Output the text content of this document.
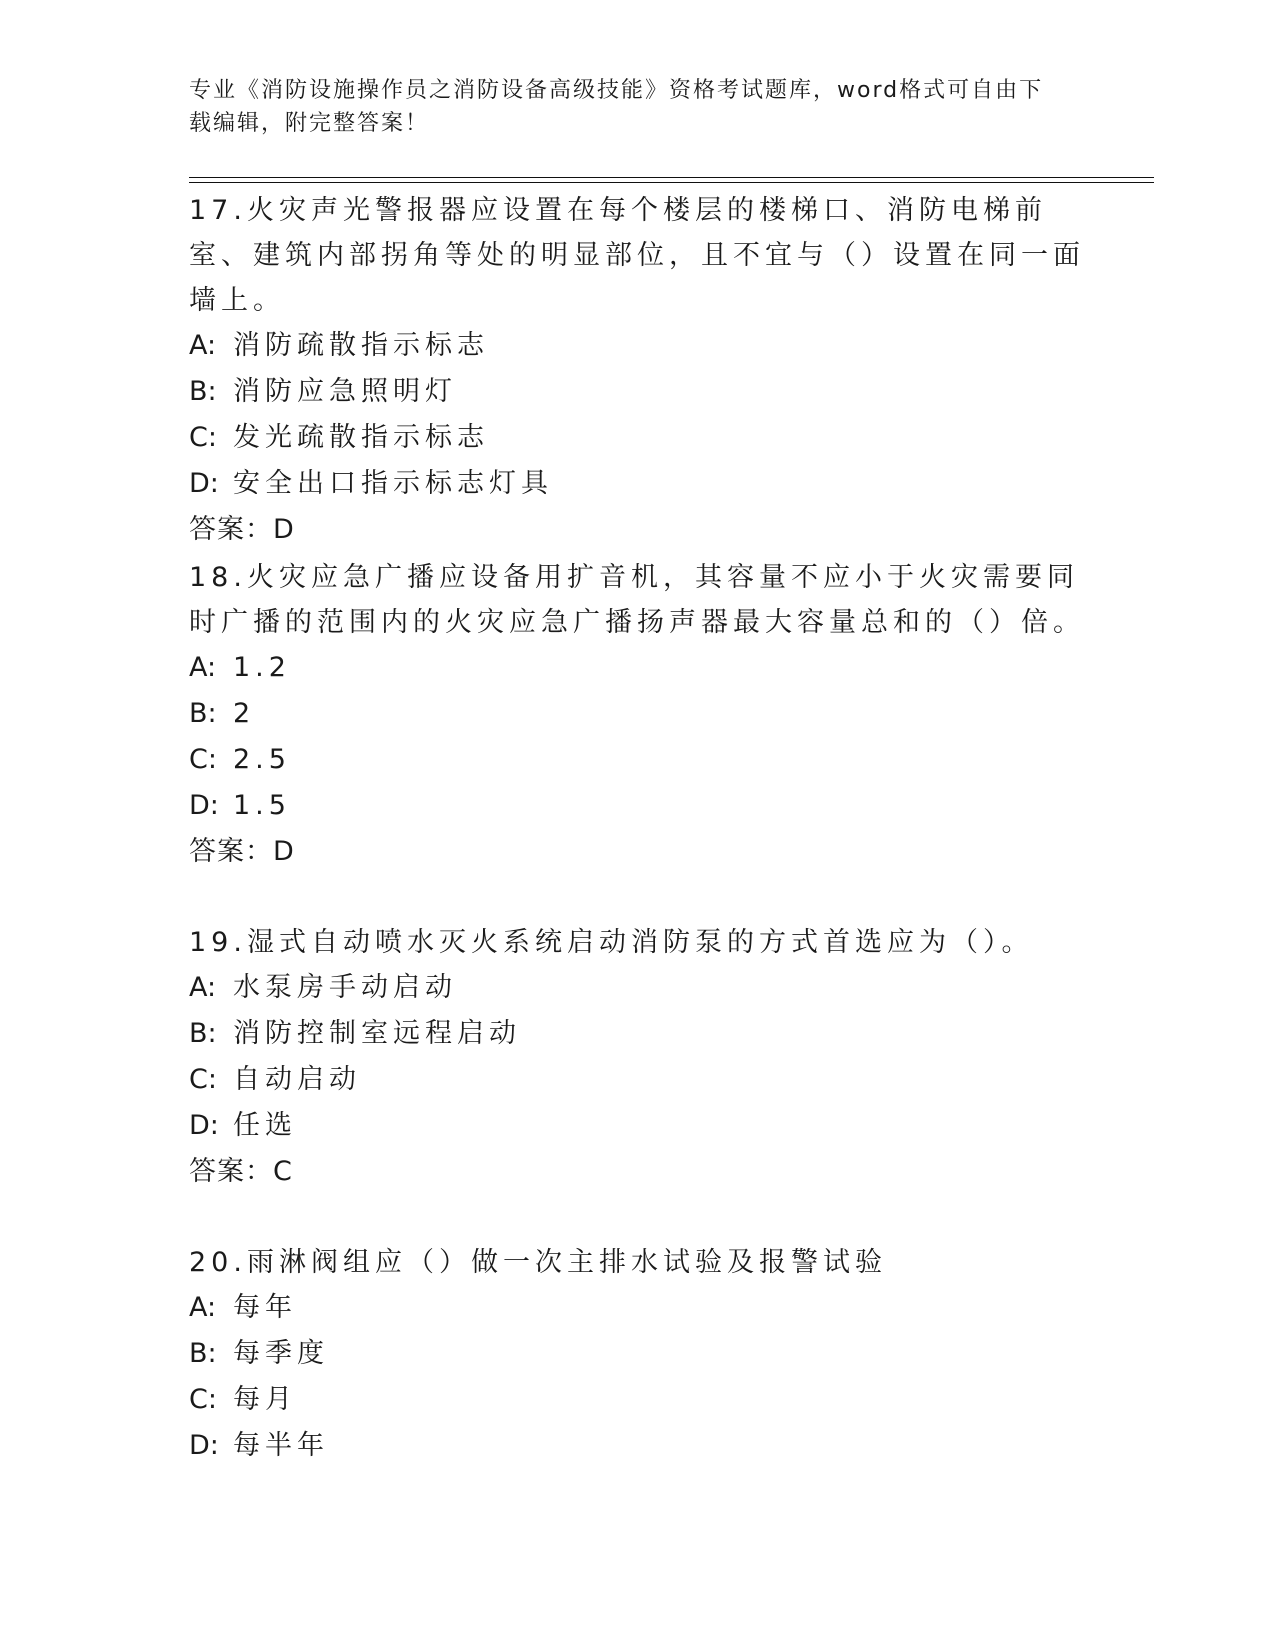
专业《消防设施操作员之消防设备高级技能》资格考试题库，word格式可自由下
载编辑，附完整答案！

17.火灾声光警报器应设置在每个楼层的楼梯口、消防电梯前室、建筑内部拐角等处的明显部位，且不宜与（）设置在同一面墙上。

A: 消防疏散指示标志

B: 消防应急照明灯

C: 发光疏散指示标志

D: 安全出口指示标志灯具

答案：D

18.火灾应急广播应设备用扩音机，其容量不应小于火灾需要同时广播的范围内的火灾应急广播扬声器最大容量总和的（）倍。

A: 1.2

B: 2

C: 2.5

D: 1.5

答案：D

19.湿式自动喷水灭火系统启动消防泵的方式首选应为（）。

A: 水泵房手动启动

B: 消防控制室远程启动

C: 自动启动

D: 任选

答案：C

20.雨淋阀组应（）做一次主排水试验及报警试验

A: 每年

B: 每季度

C: 每月

D: 每半年
